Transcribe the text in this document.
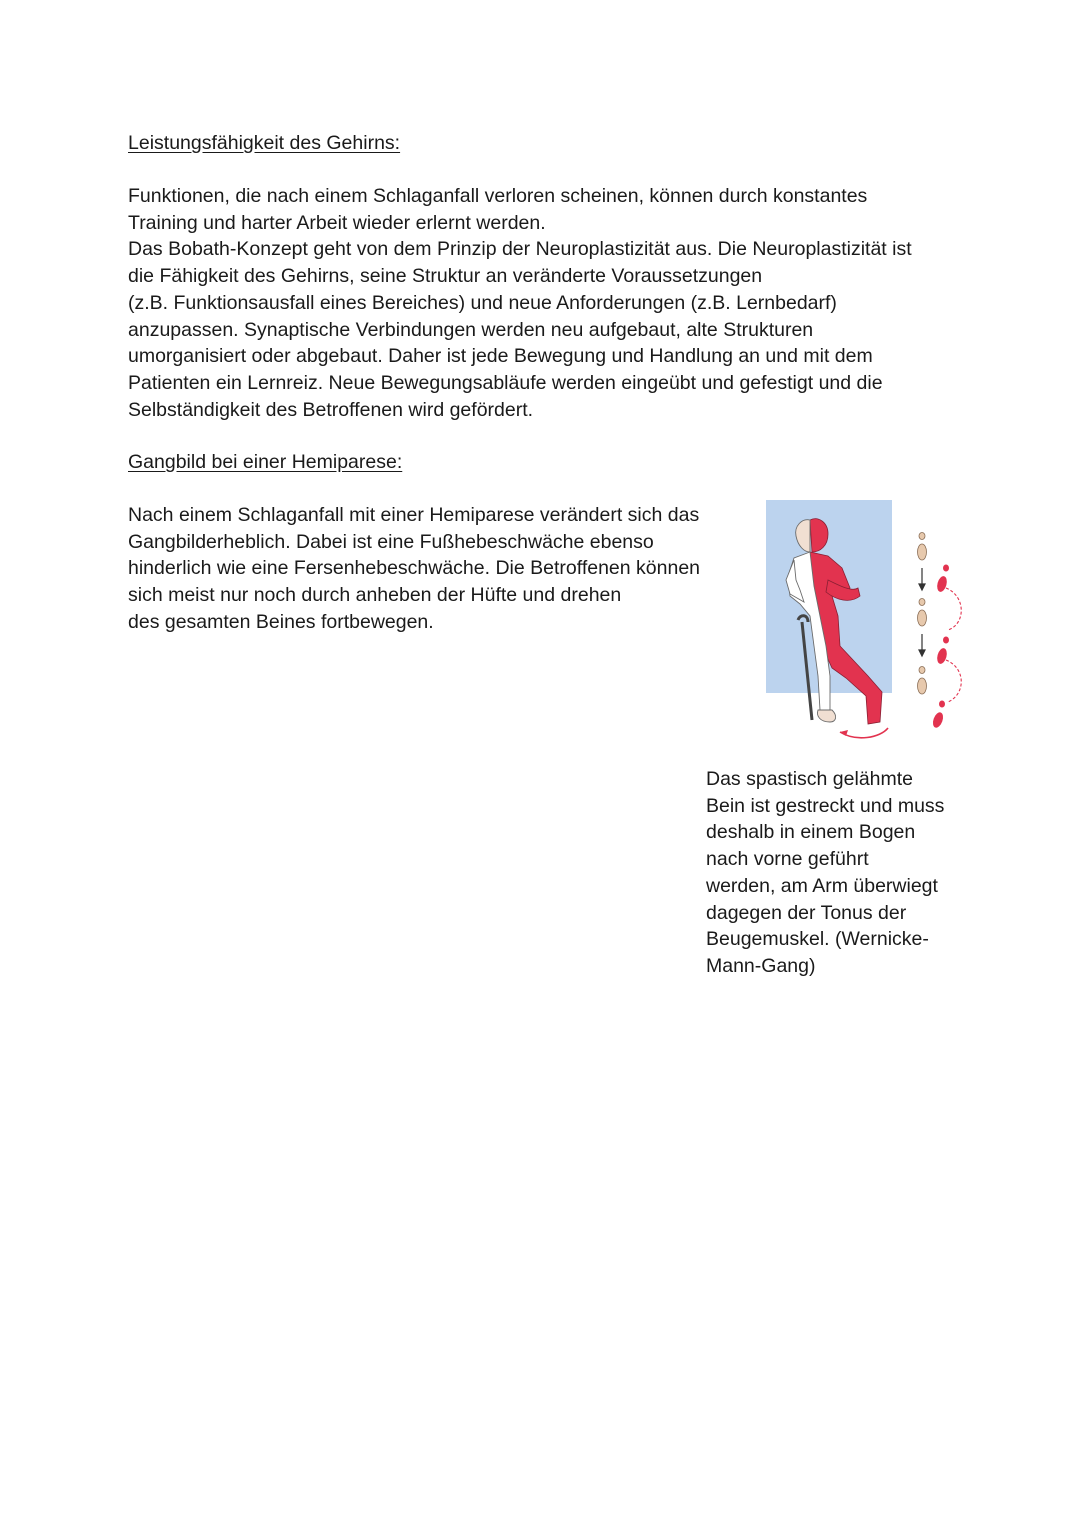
Leistungsfähigkeit des Gehirns:
Funktionen, die nach einem Schlaganfall verloren scheinen, können durch konstantes
Training und harter Arbeit wieder erlernt werden.
Das Bobath-Konzept geht von dem Prinzip der Neuroplastizität aus. Die Neuroplastizität ist
die Fähigkeit des Gehirns, seine Struktur an veränderte Voraussetzungen
(z.B. Funktionsausfall eines Bereiches) und neue Anforderungen (z.B. Lernbedarf)
anzupassen. Synaptische Verbindungen werden neu aufgebaut, alte Strukturen
umorganisiert oder abgebaut. Daher ist jede Bewegung und Handlung an und mit dem
Patienten ein Lernreiz. Neue Bewegungsabläufe werden eingeübt und gefestigt und die
Selbständigkeit des Betroffenen wird gefördert.
Gangbild bei einer Hemiparese:
Nach einem Schlaganfall mit einer Hemiparese verändert sich das
Gangbilderheblich. Dabei ist eine Fußhebeschwäche ebenso
hinderlich wie eine Fersenhebeschwäche. Die Betroffenen können
sich meist nur noch durch anheben der Hüfte und drehen
des gesamten Beines fortbewegen.
Das spastisch gelähmte
Bein ist gestreckt und muss
deshalb in einem Bogen
nach vorne geführt
werden, am Arm überwiegt
dagegen der Tonus der
Beugemuskel. (Wernicke-
Mann-Gang)
